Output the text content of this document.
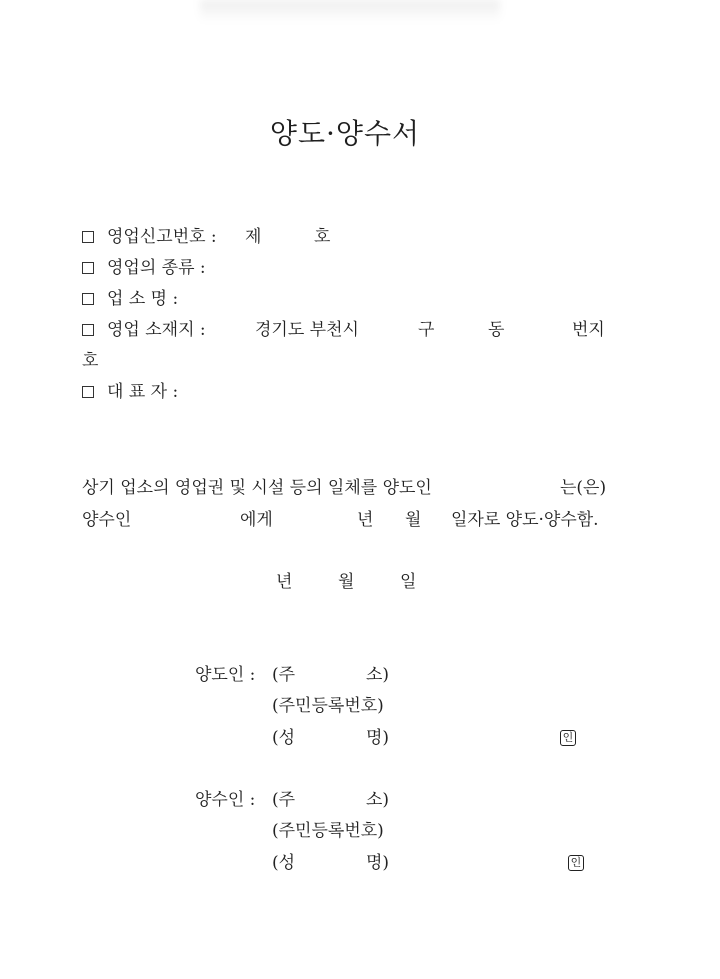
양도·양수서
영업신고번호 : 제	호
영업의 종류 :
업 소 명 :
영업 소재지 :	경기도 부천시	구	동	번지
호
대 표 자 :
상기 업소의 영업권 및 시설 등의 일체를 양도인	는(은)
양수인	에게	년 월 일자로 양도·양수함.
년	월	일
양도인 : (주	소)
(주민등록번호)
(성	명)	인
양수인 : (주	소)
(주민등록번호)
(성	명)	인
